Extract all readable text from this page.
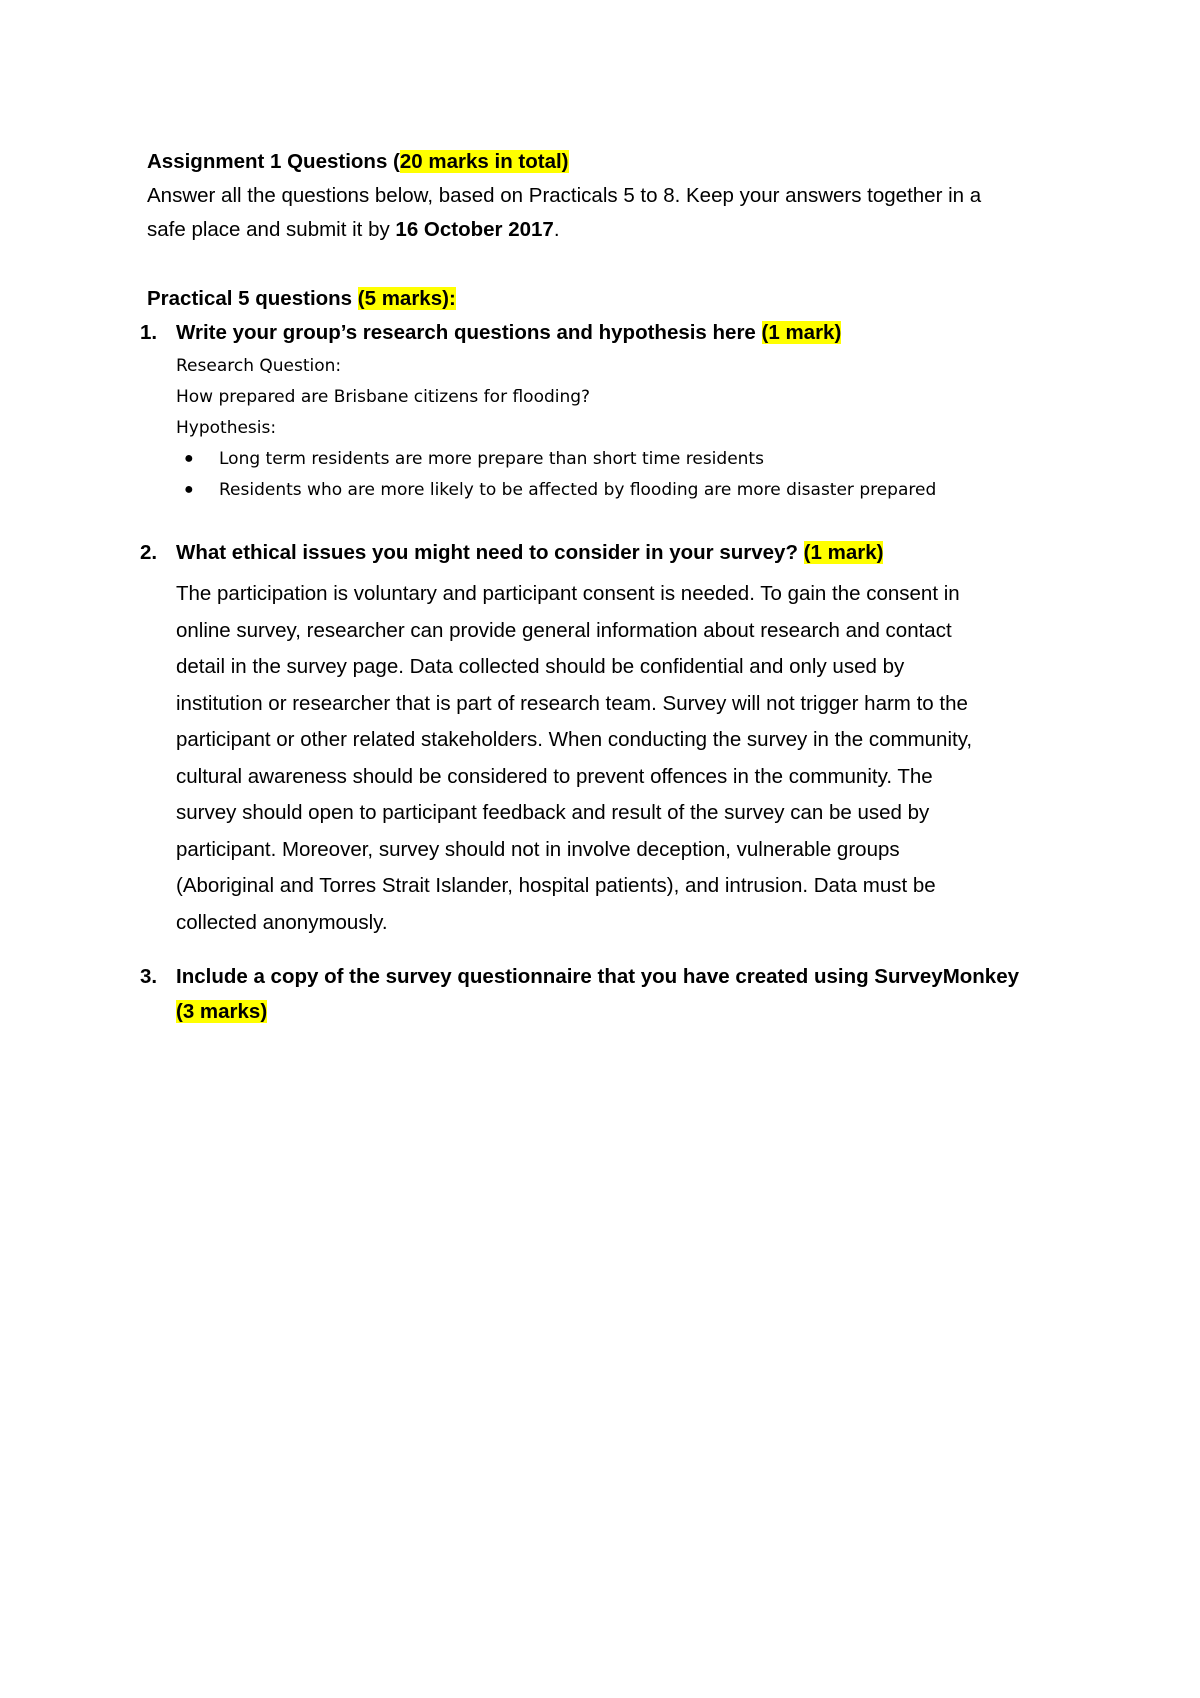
Assignment 1 Questions (20 marks in total)
Answer all the questions below, based on Practicals 5 to 8. Keep your answers together in a
safe place and submit it by 16 October 2017.
Practical 5 questions (5 marks):
1. Write your group’s research questions and hypothesis here (1 mark)
Research Question:
How prepared are Brisbane citizens for flooding?
Hypothesis:
● Long term residents are more prepare than short time residents
● Residents who are more likely to be affected by flooding are more disaster prepared
2. What ethical issues you might need to consider in your survey? (1 mark)
The participation is voluntary and participant consent is needed. To gain the consent in
online survey, researcher can provide general information about research and contact
detail in the survey page. Data collected should be confidential and only used by
institution or researcher that is part of research team. Survey will not trigger harm to the
participant or other related stakeholders. When conducting the survey in the community,
cultural awareness should be considered to prevent offences in the community. The
survey should open to participant feedback and result of the survey can be used by
participant. Moreover, survey should not in involve deception, vulnerable groups
(Aboriginal and Torres Strait Islander, hospital patients), and intrusion. Data must be
collected anonymously.
3. Include a copy of the survey questionnaire that you have created using SurveyMonkey
(3 marks)
